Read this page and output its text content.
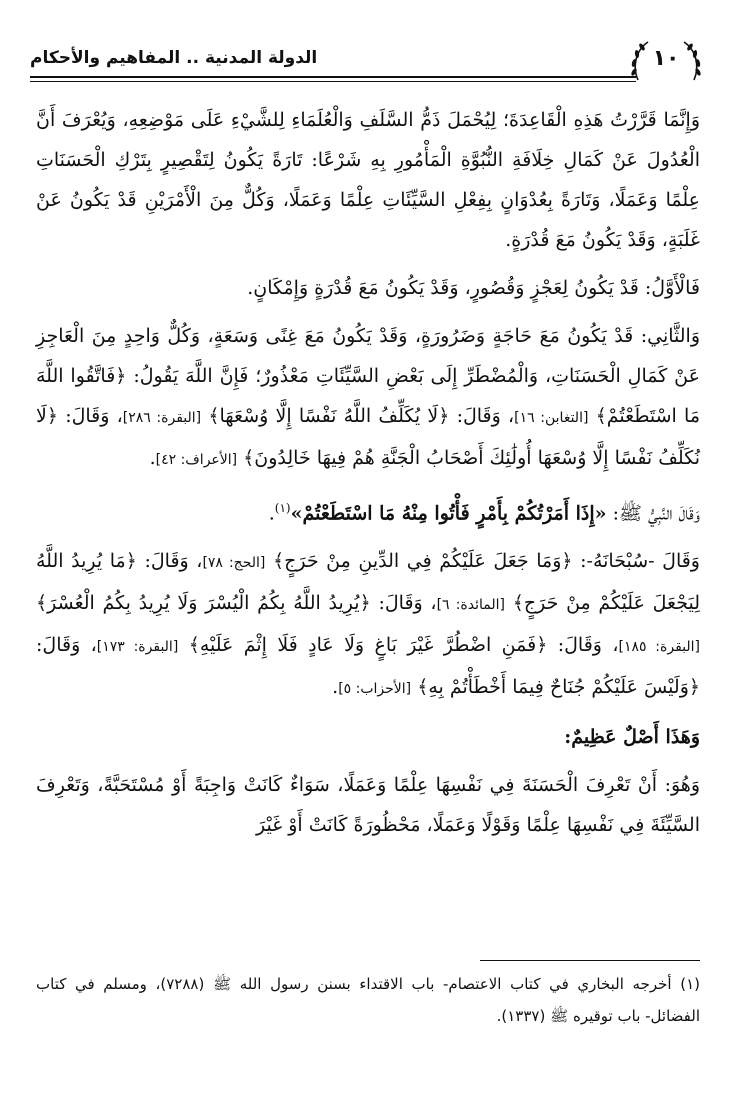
١٠
الدولة المدنية .. المفاهيم والأحكام

وَإِنَّمَا قَرَّرْتُ هَذِهِ الْقَاعِدَةَ؛ لِيُحْمَلَ ذَمُّ السَّلَفِ وَالْعُلَمَاءِ لِلشَّيْءِ عَلَى مَوْضِعِهِ، وَيُعْرَفَ أَنَّ الْعُدُولَ عَنْ كَمَالِ خِلَافَةِ النُّبُوَّةِ الْمَأْمُورِ بِهِ شَرْعًا: تَارَةً يَكُونُ لِتَقْصِيرٍ بِتَرْكِ الْحَسَنَاتِ عِلْمًا وَعَمَلًا، وَتَارَةً بِعُدْوَانٍ بِفِعْلِ السَّيِّئَاتِ عِلْمًا وَعَمَلًا، وَكُلٌّ مِنَ الْأَمْرَيْنِ قَدْ يَكُونُ عَنْ غَلَبَةٍ، وَقَدْ يَكُونُ مَعَ قُدْرَةٍ.

فَالْأَوَّلُ: قَدْ يَكُونُ لِعَجْزٍ وَقُصُورٍ، وَقَدْ يَكُونُ مَعَ قُدْرَةٍ وَإِمْكَانٍ.

وَالثَّانِي: قَدْ يَكُونُ مَعَ حَاجَةٍ وَضَرُورَةٍ، وَقَدْ يَكُونُ مَعَ غِنًى وَسَعَةٍ، وَكُلٌّ وَاحِدٍ مِنَ الْعَاجِزِ عَنْ كَمَالِ الْحَسَنَاتِ، وَالْمُضْطَرِّ إِلَى بَعْضِ السَّيِّئَاتِ مَعْذُورٌ؛ فَإِنَّ اللَّهَ يَقُولُ: ﴿فَاتَّقُوا اللَّهَ مَا اسْتَطَعْتُمْ﴾ [التغابن: ١٦]، وَقَالَ: ﴿لَا يُكَلِّفُ اللَّهُ نَفْسًا إِلَّا وُسْعَهَا﴾ [البقرة: ٢٨٦]، وَقَالَ: ﴿لَا نُكَلِّفُ نَفْسًا إِلَّا وُسْعَهَا أُولَٰئِكَ أَصْحَابُ الْجَنَّةِ هُمْ فِيهَا خَالِدُونَ﴾ [الأعراف: ٤٢].

وَقَالَ النَّبِيُّ ﷺ: «إِذَا أَمَرْتُكُمْ بِأَمْرٍ فَأْتُوا مِنْهُ مَا اسْتَطَعْتُمْ»$^{(١)}$.

وَقَالَ -سُبْحَانَهُ-: ﴿وَمَا جَعَلَ عَلَيْكُمْ فِي الدِّينِ مِنْ حَرَجٍ﴾ [الحج: ٧٨]، وَقَالَ: ﴿مَا يُرِيدُ اللَّهُ لِيَجْعَلَ عَلَيْكُمْ مِنْ حَرَجٍ﴾ [المائدة: ٦]، وَقَالَ: ﴿يُرِيدُ اللَّهُ بِكُمُ الْيُسْرَ وَلَا يُرِيدُ بِكُمُ الْعُسْرَ﴾ [البقرة: ١٨٥]، وَقَالَ: ﴿فَمَنِ اضْطُرَّ غَيْرَ بَاغٍ وَلَا عَادٍ فَلَا إِثْمَ عَلَيْهِ﴾ [البقرة: ١٧٣]، وَقَالَ: ﴿وَلَيْسَ عَلَيْكُمْ جُنَاحٌ فِيمَا أَخْطَأْتُمْ بِهِ﴾ [الأحزاب: ٥].

وَهَذَا أَصْلٌ عَظِيمٌ:

وَهُوَ: أَنْ تَعْرِفَ الْحَسَنَةَ فِي نَفْسِهَا عِلْمًا وَعَمَلًا، سَوَاءٌ كَانَتْ وَاجِبَةً أَوْ مُسْتَحَبَّةً، وَتَعْرِفَ السَّيِّئَةَ فِي نَفْسِهَا عِلْمًا وَقَوْلًا وَعَمَلًا، مَحْظُورَةً كَانَتْ أَوْ غَيْرَ

(١) أخرجه البخاري في كتاب الاعتصام- باب الاقتداء بسنن رسول الله ﷺ (٧٢٨٨)، ومسلم في كتاب الفضائل- باب توقيره ﷺ (١٣٣٧).
